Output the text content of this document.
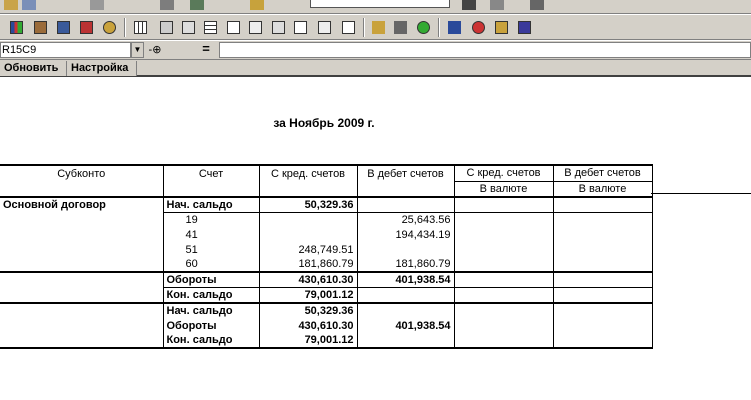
R15C9	▼ -⊕	=
Обновить	Настройка
за Ноябрь 2009 г.
Субконто	Счет	С кред. счетов	В дебет счетов	С кред. счетов	В дебет счетов
				В валюте	В валюте
Основной договор	Нач. сальдо	50,329.36			
	19		25,643.56		
	41		194,434.19		
	51	248,749.51			
	60	181,860.79	181,860.79		
	Обороты	430,610.30	401,938.54		
	Кон. сальдо	79,001.12			
	Нач. сальдо	50,329.36			
	Обороты	430,610.30	401,938.54		
	Кон. сальдо	79,001.12			
